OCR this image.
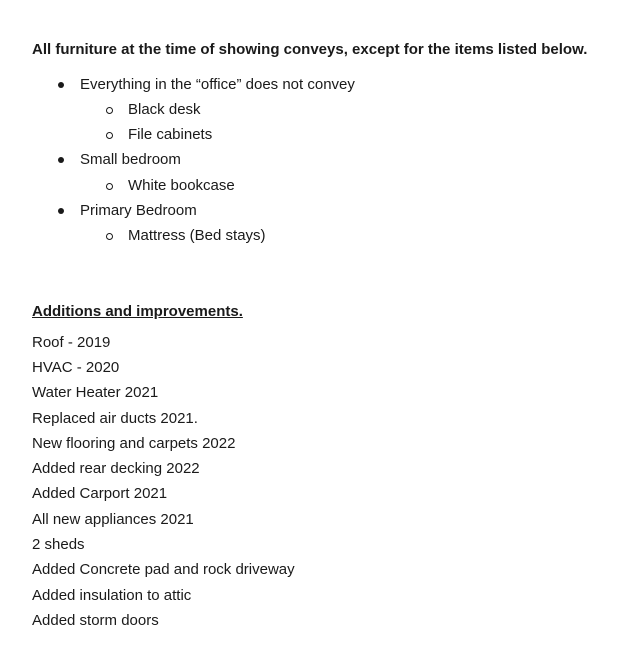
All furniture at the time of showing conveys, except for the items listed below.
Everything in the “office” does not convey
Black desk
File cabinets
Small bedroom
White bookcase
Primary Bedroom
Mattress (Bed stays)
Additions and improvements.
Roof - 2019
HVAC - 2020
Water Heater 2021
Replaced air ducts 2021.
New flooring and carpets 2022
Added rear decking 2022
Added Carport 2021
All new appliances 2021
2 sheds
Added Concrete pad and rock driveway
Added insulation to attic
Added storm doors
